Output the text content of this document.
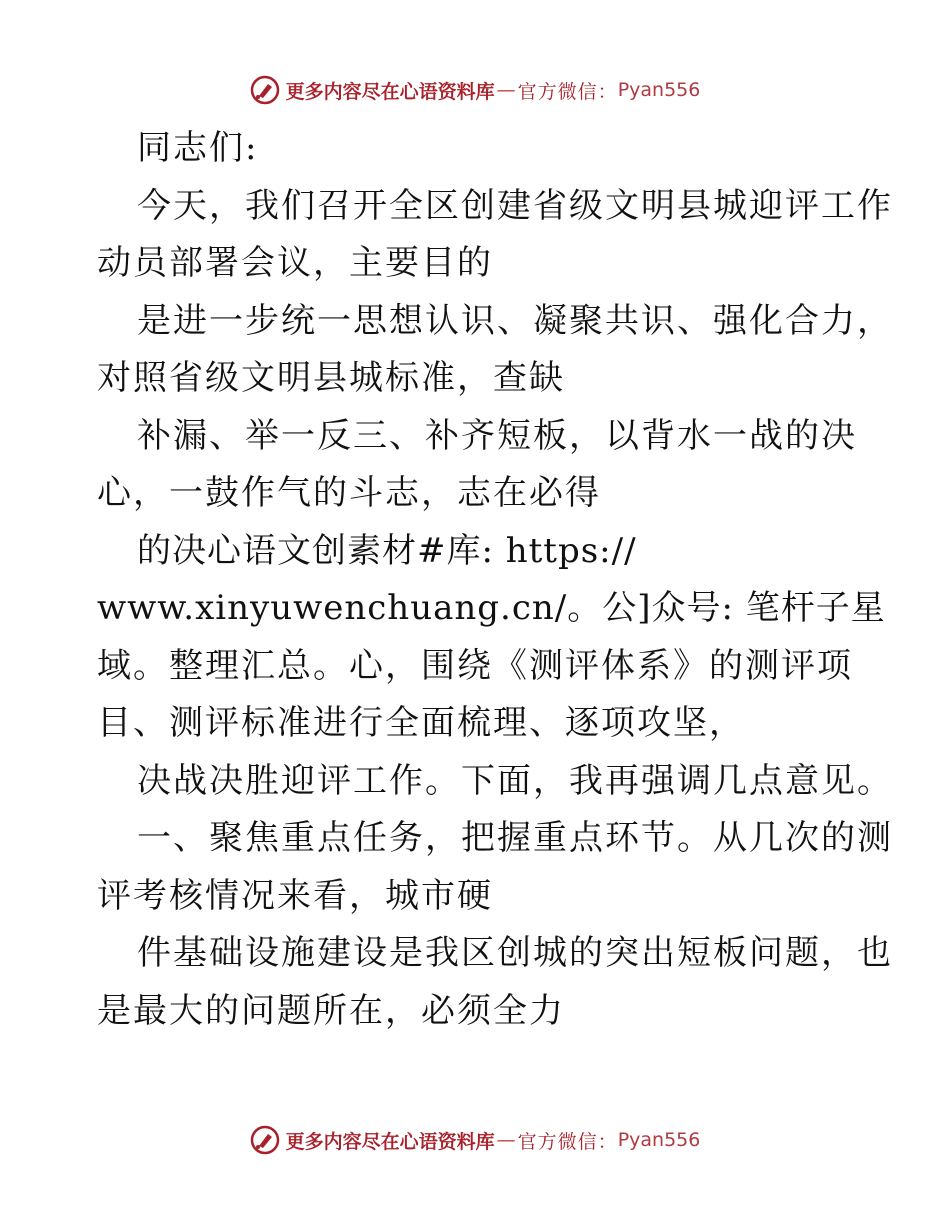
更多内容尽在心语资料库 — 官方微信： Pyan556
同志们:
今天，我们召开全区创建省级文明县城迎评工作
动员部署会议，主要目的
是进一步统一思想认识、凝聚共识、强化合力，
对照省级文明县城标准，查缺
补漏、举一反三、补齐短板，以背水一战的决
心，一鼓作气的斗志，志在必得
的决心语文创素材#库: https://
www.xinyuwenchuang.cn/。公]众号: 笔杆子星
域。整理汇总。心，围绕《测评体系》的测评项
目、测评标准进行全面梳理、逐项攻坚，
决战决胜迎评工作。下面，我再强调几点意见。
一、聚焦重点任务，把握重点环节。从几次的测
评考核情况来看，城市硬
件基础设施建设是我区创城的突出短板问题，也
是最大的问题所在，必须全力
更多内容尽在心语资料库 — 官方微信： Pyan556
